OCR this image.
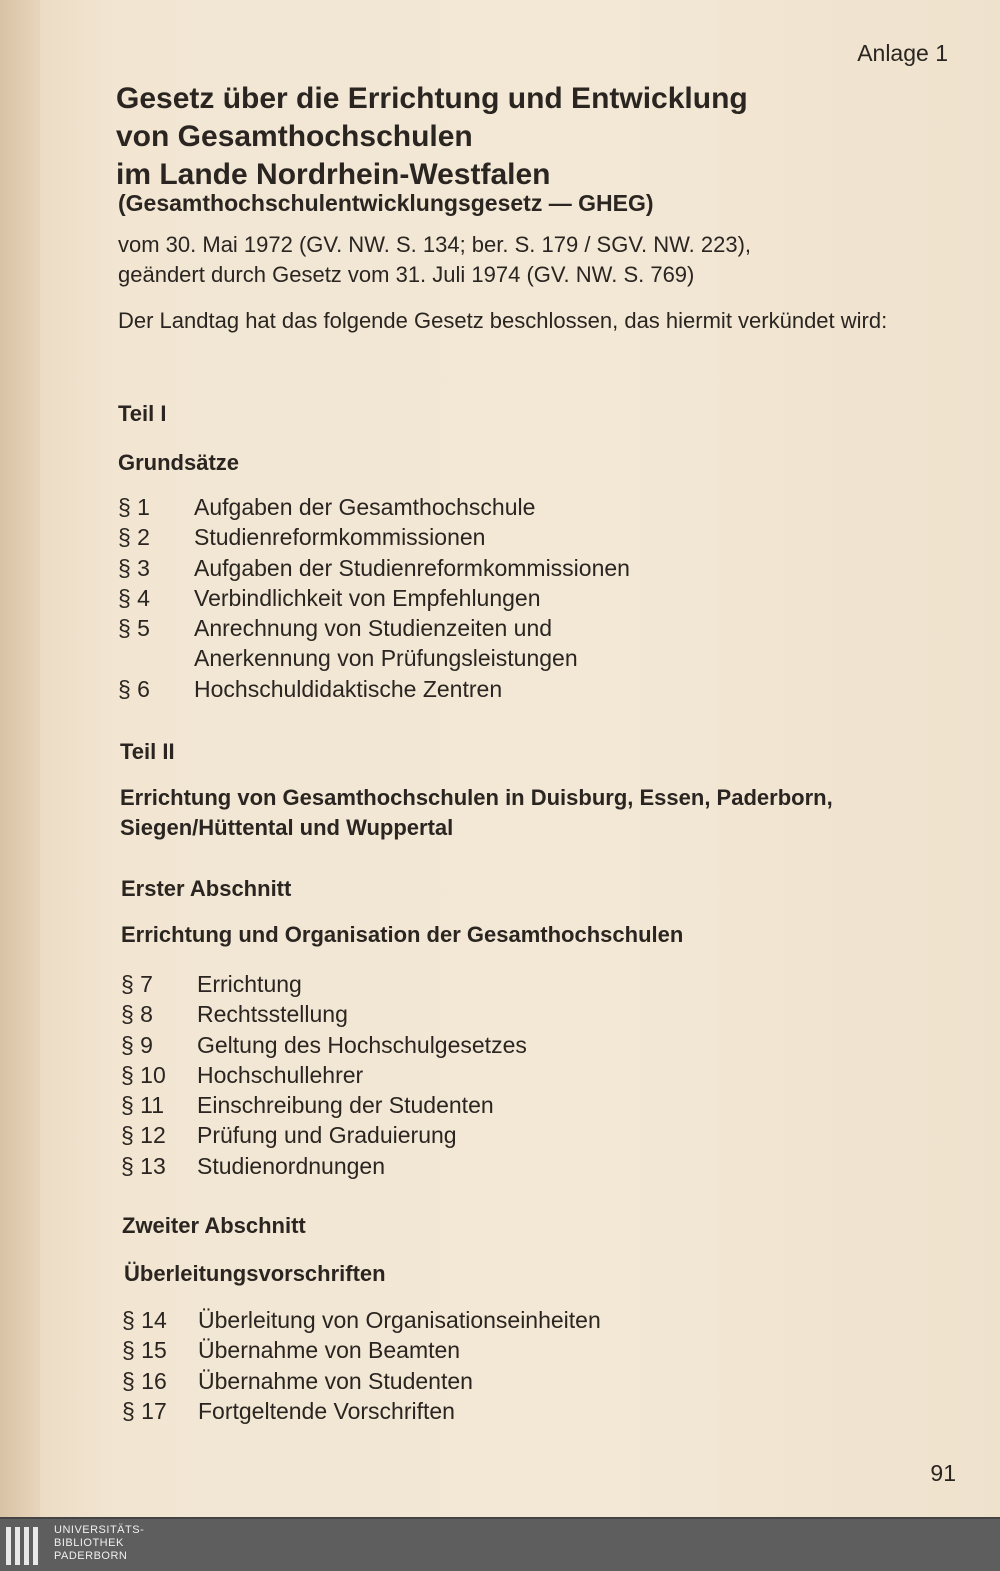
Anlage 1
Gesetz über die Errichtung und Entwicklung
von Gesamthochschulen
im Lande Nordrhein-Westfalen
(Gesamthochschulentwicklungsgesetz — GHEG)
vom 30. Mai 1972 (GV. NW. S. 134; ber. S. 179 / SGV. NW. 223),
geändert durch Gesetz vom 31. Juli 1974 (GV. NW. S. 769)

Der Landtag hat das folgende Gesetz beschlossen, das hiermit verkündet wird:

Teil I
Grundsätze
§ 1	Aufgaben der Gesamthochschule
§ 2	Studienreformkommissionen
§ 3	Aufgaben der Studienreformkommissionen
§ 4	Verbindlichkeit von Empfehlungen
§ 5	Anrechnung von Studienzeiten und
Anerkennung von Prüfungsleistungen
§ 6	Hochschuldidaktische Zentren
Teil II
Errichtung von Gesamthochschulen in Duisburg, Essen, Paderborn,
Siegen/Hüttental und Wuppertal
Erster Abschnitt
Errichtung und Organisation der Gesamthochschulen
§ 7	Errichtung
§ 8	Rechtsstellung
§ 9	Geltung des Hochschulgesetzes
§ 10	Hochschullehrer
§ 11	Einschreibung der Studenten
§ 12	Prüfung und Graduierung
§ 13	Studienordnungen
Zweiter Abschnitt
Überleitungsvorschriften
§ 14	Überleitung von Organisationseinheiten
§ 15	Übernahme von Beamten
§ 16	Übernahme von Studenten
§ 17	Fortgeltende Vorschriften
91
UNIVERSITÄTS-
BIBLIOTHEK
PADERBORN
